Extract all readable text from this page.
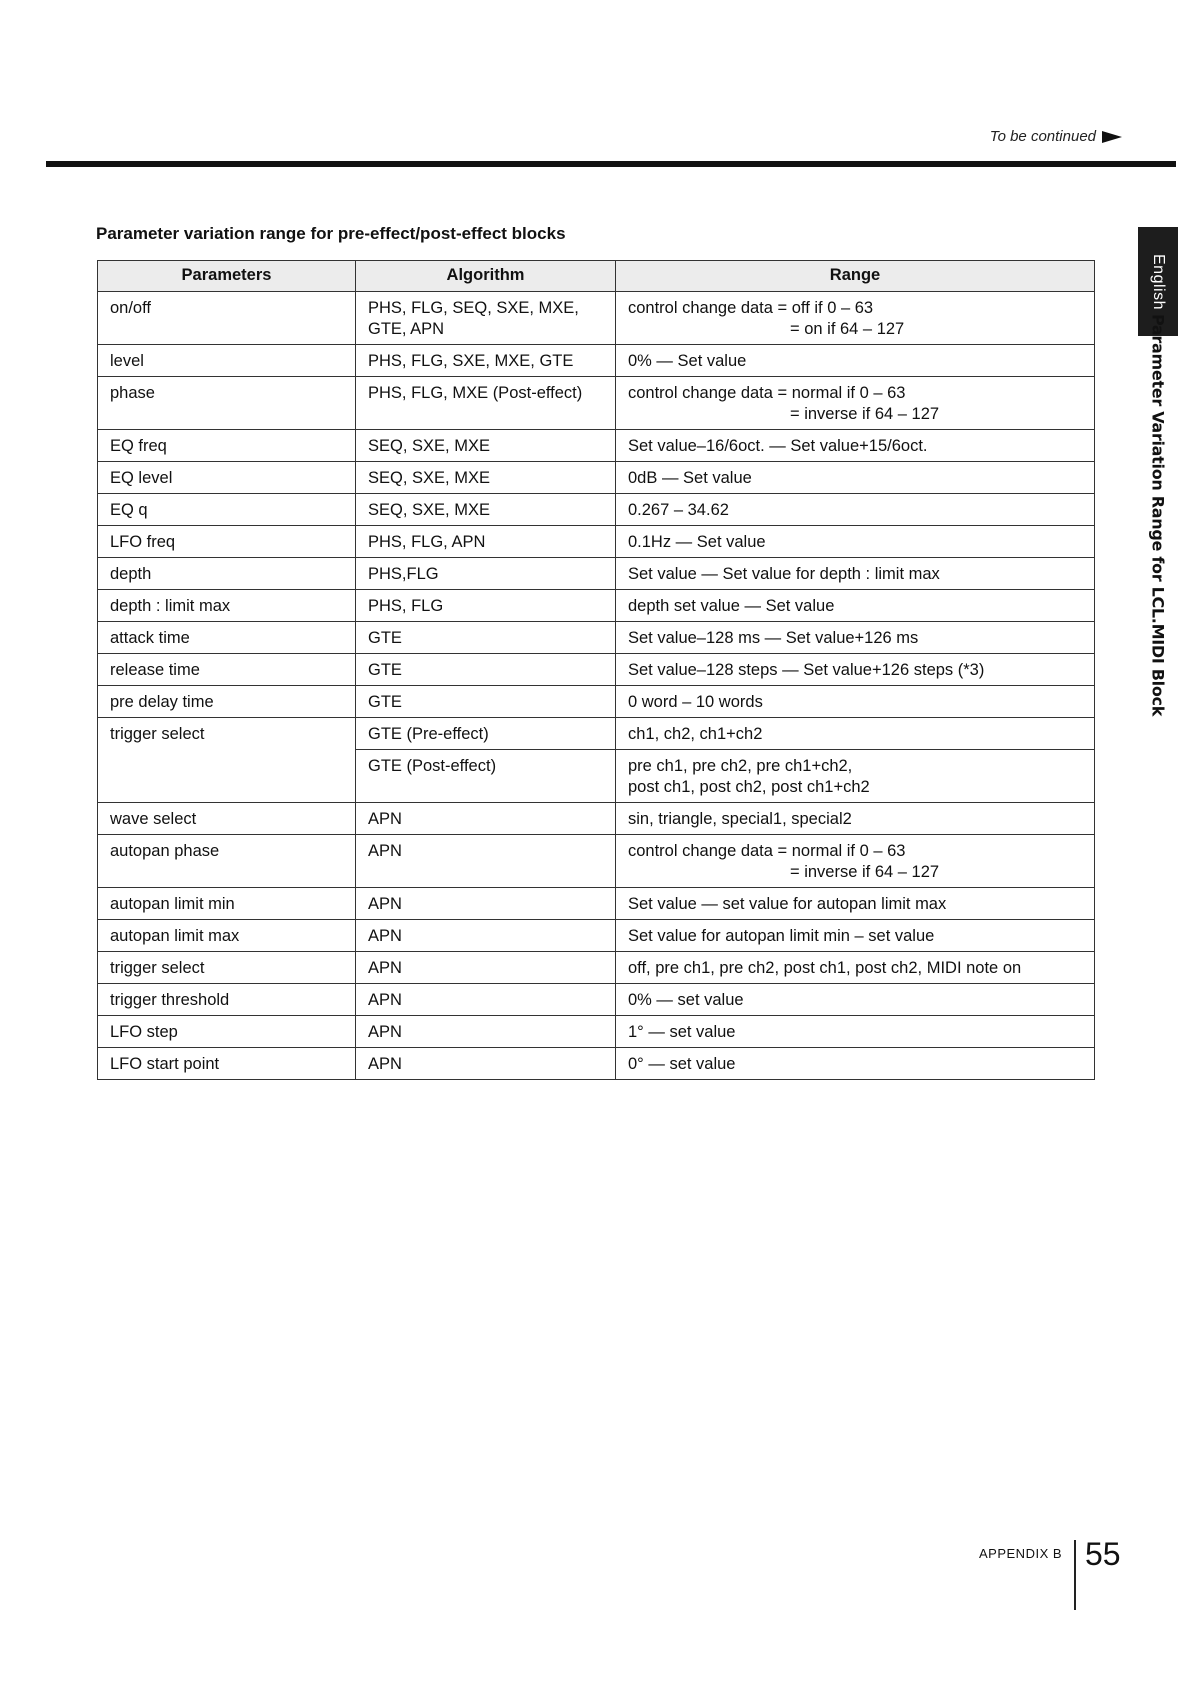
To be continued
English
Parameter Variation Range for LCL.MIDI Block
Parameter variation range for pre-effect/post-effect blocks
Parameters	Algorithm	Range
on/off	PHS, FLG, SEQ, SXE, MXE, GTE, APN	control change data = off if 0 – 63
= on if 64 – 127

level	PHS, FLG, SXE, MXE, GTE	0% — Set value
phase	PHS, FLG, MXE (Post-effect)	control change data = normal if 0 – 63
= inverse if 64 – 127

EQ freq	SEQ, SXE, MXE	Set value–16/6oct. — Set value+15/6oct.
EQ level	SEQ, SXE, MXE	0dB — Set value
EQ q	SEQ, SXE, MXE	0.267 – 34.62
LFO freq	PHS, FLG, APN	0.1Hz — Set value
depth	PHS,FLG	Set value — Set value for depth : limit max
depth : limit max	PHS, FLG	depth set value — Set value
attack time	GTE	Set value–128 ms — Set value+126 ms
release time	GTE	Set value–128 steps — Set value+126 steps (*3)
pre delay time	GTE	0 word – 10 words
trigger select	GTE (Pre-effect)	ch1, ch2, ch1+ch2
	GTE (Post-effect)	pre ch1, pre ch2, pre ch1+ch2,
post ch1, post ch2, post ch1+ch2
wave select	APN	sin, triangle, special1, special2
autopan phase	APN	control change data = normal if 0 – 63
= inverse if 64 – 127

autopan limit min	APN	Set value — set value for autopan limit max
autopan limit max	APN	Set value for autopan limit min – set value
trigger select	APN	off, pre ch1, pre ch2, post ch1, post ch2, MIDI note on
trigger threshold	APN	0% — set value
LFO step	APN	1° — set value
LFO start point	APN	0° — set value
APPENDIX B 55
